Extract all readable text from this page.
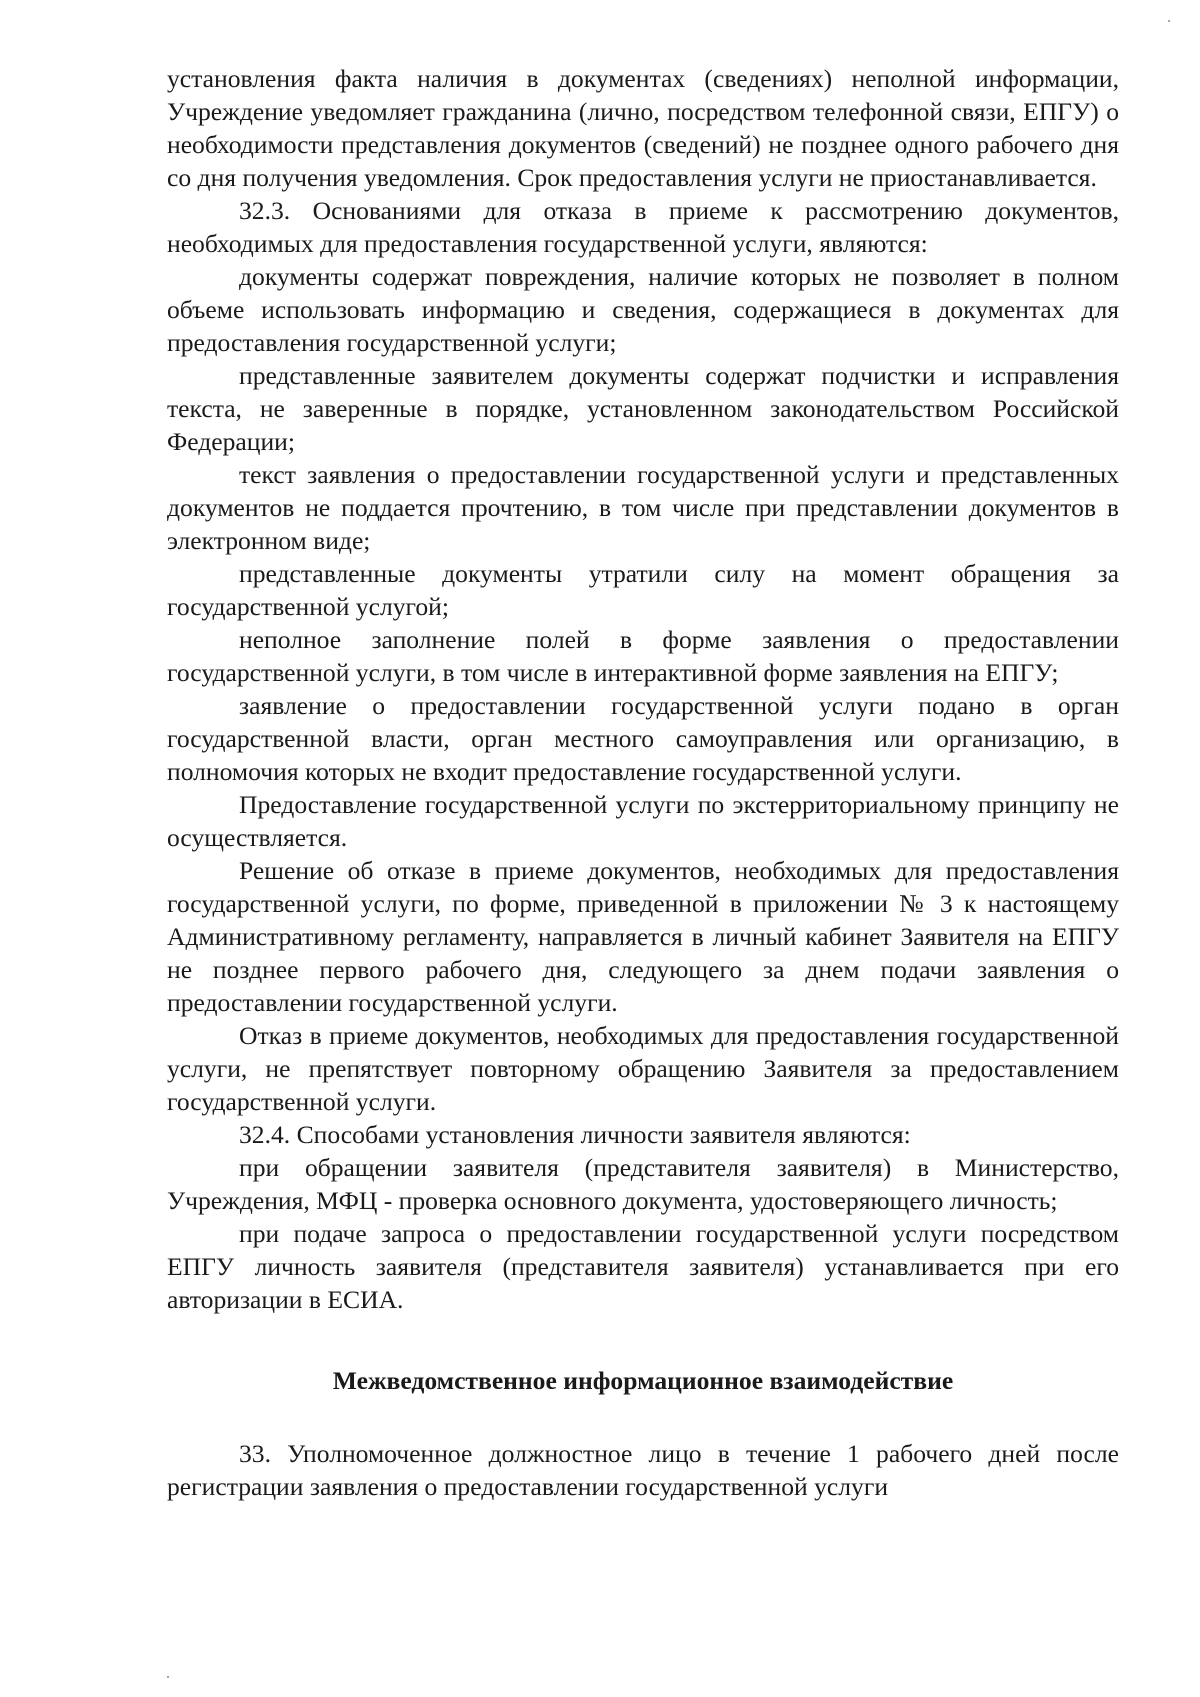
установления факта наличия в документах (сведениях) неполной информации, Учреждение уведомляет гражданина (лично, посредством телефонной связи, ЕПГУ) о необходимости представления документов (сведений) не позднее одного рабочего дня со дня получения уведомления. Срок предоставления услуги не приостанавливается.

32.3. Основаниями для отказа в приеме к рассмотрению документов, необходимых для предоставления государственной услуги, являются:

документы содержат повреждения, наличие которых не позволяет в полном объеме использовать информацию и сведения, содержащиеся в документах для предоставления государственной услуги;

представленные заявителем документы содержат подчистки и исправления текста, не заверенные в порядке, установленном законодательством Российской Федерации;

текст заявления о предоставлении государственной услуги и представленных документов не поддается прочтению, в том числе при представлении документов в электронном виде;

представленные документы утратили силу на момент обращения за государственной услугой;

неполное заполнение полей в форме заявления о предоставлении государственной услуги, в том числе в интерактивной форме заявления на ЕПГУ;

заявление о предоставлении государственной услуги подано в орган государственной власти, орган местного самоуправления или организацию, в полномочия которых не входит предоставление государственной услуги.

Предоставление государственной услуги по экстерриториальному принципу не осуществляется.

Решение об отказе в приеме документов, необходимых для предоставления государственной услуги, по форме, приведенной в приложении № 3 к настоящему Административному регламенту, направляется в личный кабинет Заявителя на ЕПГУ не позднее первого рабочего дня, следующего за днем подачи заявления о предоставлении государственной услуги.

Отказ в приеме документов, необходимых для предоставления государственной услуги, не препятствует повторному обращению Заявителя за предоставлением государственной услуги.

32.4. Способами установления личности заявителя являются:

при обращении заявителя (представителя заявителя) в Министерство, Учреждения, МФЦ - проверка основного документа, удостоверяющего личность;

при подаче запроса о предоставлении государственной услуги посредством ЕПГУ личность заявителя (представителя заявителя) устанавливается при его авторизации в ЕСИА.

Межведомственное информационное взаимодействие

33. Уполномоченное должностное лицо в течение 1 рабочего дней после регистрации заявления о предоставлении государственной услуги
